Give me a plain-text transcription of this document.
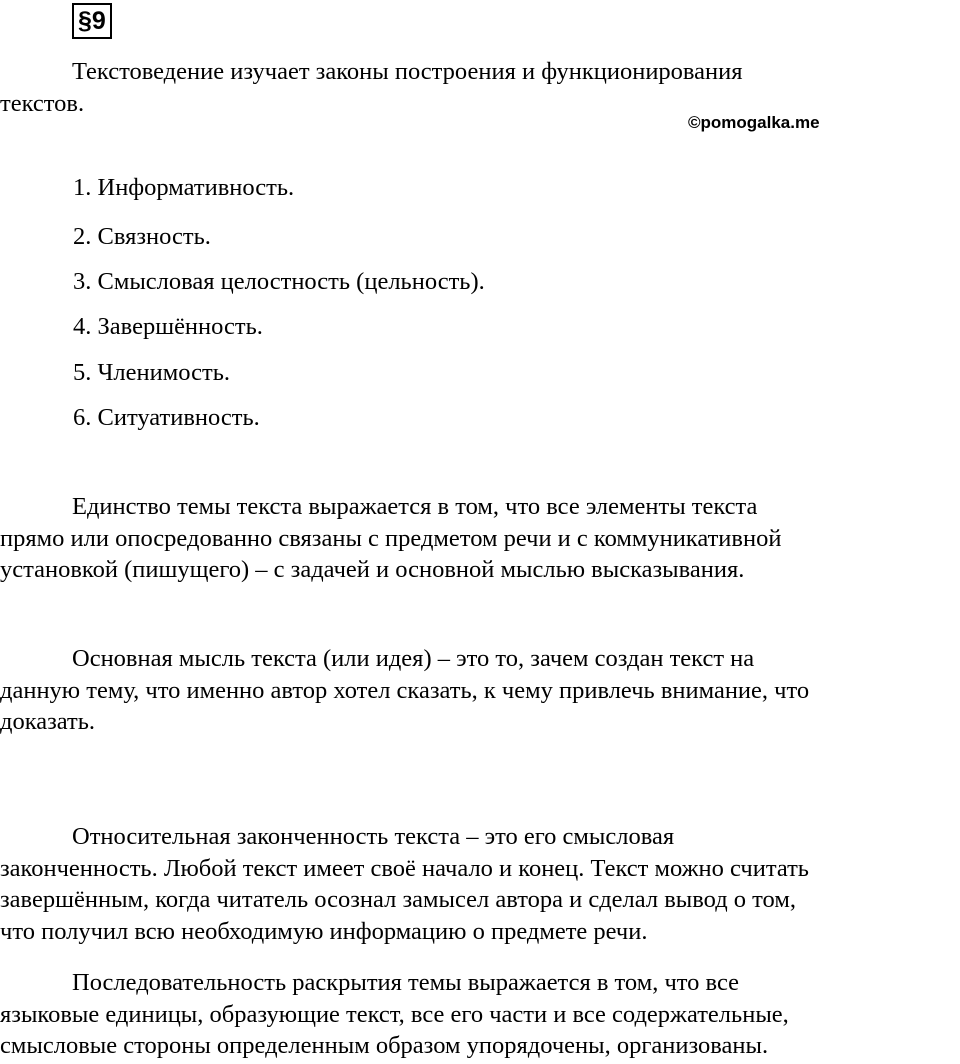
§9

Текстоведение изучает законы построения и функционирования
текстов.

©pomogalka.me
1. Информативность.
2. Связность.
3. Смысловая целостность (цельность).
4. Завершённость.
5. Членимость.
6. Ситуативность.

Единство темы текста выражается в том, что все элементы текста
прямо или опосредованно связаны с предметом речи и с коммуникативной
установкой (пишущего) – с задачей и основной мыслью высказывания.

Основная мысль текста (или идея) – это то, зачем создан текст на
данную тему, что именно автор хотел сказать, к чему привлечь внимание, что
доказать.

Относительная законченность текста – это его смысловая
законченность. Любой текст имеет своё начало и конец. Текст можно считать
завершённым, когда читатель осознал замысел автора и сделал вывод о том,
что получил всю необходимую информацию о предмете речи.

Последовательность раскрытия темы выражается в том, что все
языковые единицы, образующие текст, все его части и все содержательные,
смысловые стороны определенным образом упорядочены, организованы.
